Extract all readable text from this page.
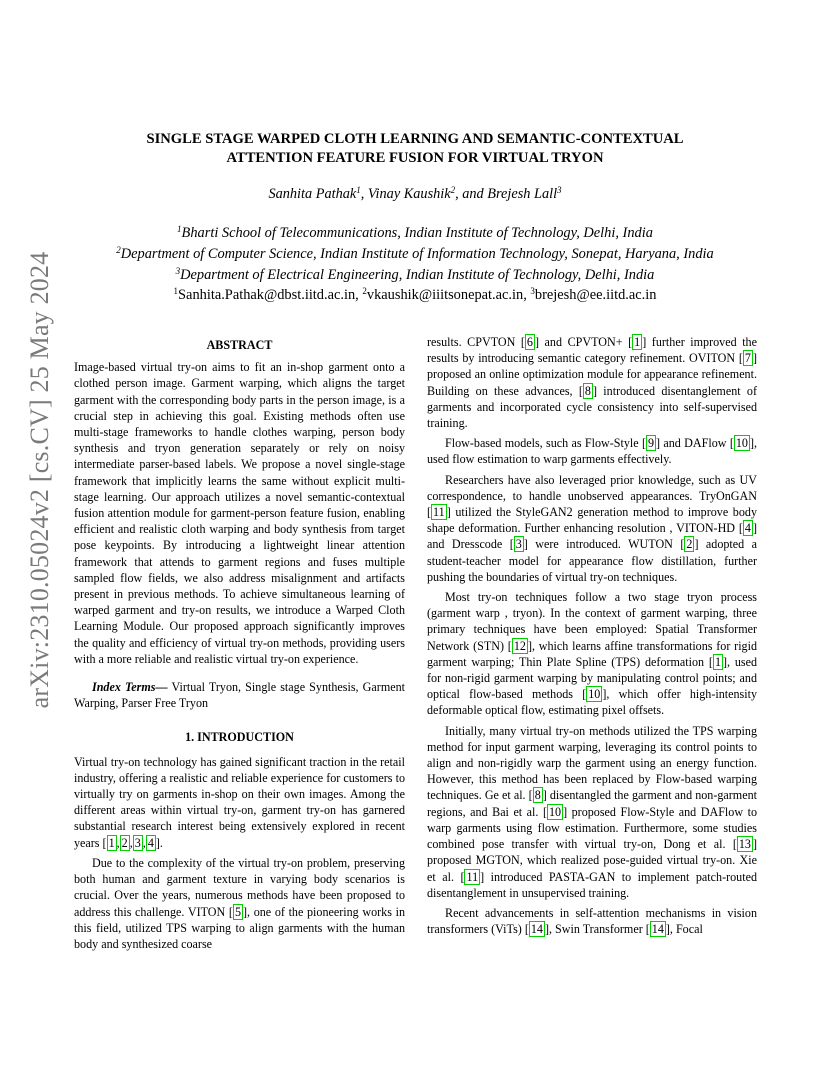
arXiv:2310.05024v2 [cs.CV] 25 May 2024
SINGLE STAGE WARPED CLOTH LEARNING AND SEMANTIC-CONTEXTUAL
ATTENTION FEATURE FUSION FOR VIRTUAL TRYON
Sanhita Pathak$^1$, Vinay Kaushik$^2$, and Brejesh Lall$^3$
$^1$Bharti School of Telecommunications, Indian Institute of Technology, Delhi, India
$^2$Department of Computer Science, Indian Institute of Information Technology, Sonepat, Haryana, India
$^3$Department of Electrical Engineering, Indian Institute of Technology, Delhi, India
$^1$Sanhita.Pathak@dbst.iitd.ac.in, $^2$vkaushik@iiitsonepat.ac.in, $^3$brejesh@ee.iitd.ac.in
ABSTRACT

Image-based virtual try-on aims to fit an in-shop garment onto a clothed person image. Garment warping, which aligns the target garment with the corresponding body parts in the person image, is a crucial step in achieving this goal. Existing methods often use multi-stage frameworks to handle clothes warping, person body synthesis and tryon generation separately or rely on noisy intermediate parser-based labels. We propose a novel single-stage framework that implicitly learns the same without explicit multi-stage learning. Our approach utilizes a novel semantic-contextual fusion attention module for garment-person feature fusion, enabling efficient and realistic cloth warping and body synthesis from target pose keypoints. By introducing a lightweight linear attention framework that attends to garment regions and fuses multiple sampled flow fields, we also address misalignment and artifacts present in previous methods. To achieve simultaneous learning of warped garment and try-on results, we introduce a Warped Cloth Learning Module. Our proposed approach significantly improves the quality and efficiency of virtual try-on methods, providing users with a more reliable and realistic virtual try-on experience.

Index Terms— Virtual Tryon, Single stage Synthesis, Garment Warping, Parser Free Tryon

1. INTRODUCTION

Virtual try-on technology has gained significant traction in the retail industry, offering a realistic and reliable experience for customers to virtually try on garments in-shop on their own images. Among the different areas within virtual try-on, garment try-on has garnered substantial research interest being extensively explored in recent years [ 1 , 2 , 3 , 4 ].

Due to the complexity of the virtual try-on problem, preserving both human and garment texture in varying body scenarios is crucial. Over the years, numerous methods have been proposed to address this challenge. VITON [ 5 ], one of the pioneering works in this field, utilized TPS warping to align garments with the human body and synthesized coarse

results. CPVTON [ 6 ] and CPVTON+ [ 1 ] further improved the results by introducing semantic category refinement. OVITON [ 7 ] proposed an online optimization module for appearance refinement. Building on these advances, [ 8 ] introduced disentanglement of garments and incorporated cycle consistency into self-supervised training.

Flow-based models, such as Flow-Style [ 9 ] and DAFlow [ 10 ], used flow estimation to warp garments effectively.

Researchers have also leveraged prior knowledge, such as UV correspondence, to handle unobserved appearances. TryOnGAN [ 11 ] utilized the StyleGAN2 generation method to improve body shape deformation. Further enhancing resolution , VITON-HD [ 4 ] and Dresscode [ 3 ] were introduced. WUTON [ 2 ] adopted a student-teacher model for appearance flow distillation, further pushing the boundaries of virtual try-on techniques.

Most try-on techniques follow a two stage tryon process (garment warp , tryon). In the context of garment warping, three primary techniques have been employed: Spatial Transformer Network (STN) [ 12 ], which learns affine transformations for rigid garment warping; Thin Plate Spline (TPS) deformation [ 1 ], used for non-rigid garment warping by manipulating control points; and optical flow-based methods [ 10 ], which offer high-intensity deformable optical flow, estimating pixel offsets.

Initially, many virtual try-on methods utilized the TPS warping method for input garment warping, leveraging its control points to align and non-rigidly warp the garment using an energy function. However, this method has been replaced by Flow-based warping techniques. Ge et al. [ 8 ] disentangled the garment and non-garment regions, and Bai et al. [ 10 ] proposed Flow-Style and DAFlow to warp garments using flow estimation. Furthermore, some studies combined pose transfer with virtual try-on, Dong et al. [ 13 ] proposed MGTON, which realized pose-guided virtual try-on. Xie et al. [ 11 ] introduced PASTA-GAN to implement patch-routed disentanglement in unsupervised training.

Recent advancements in self-attention mechanisms in vision transformers (ViTs) [ 14 ], Swin Transformer [ 14 ], Focal
